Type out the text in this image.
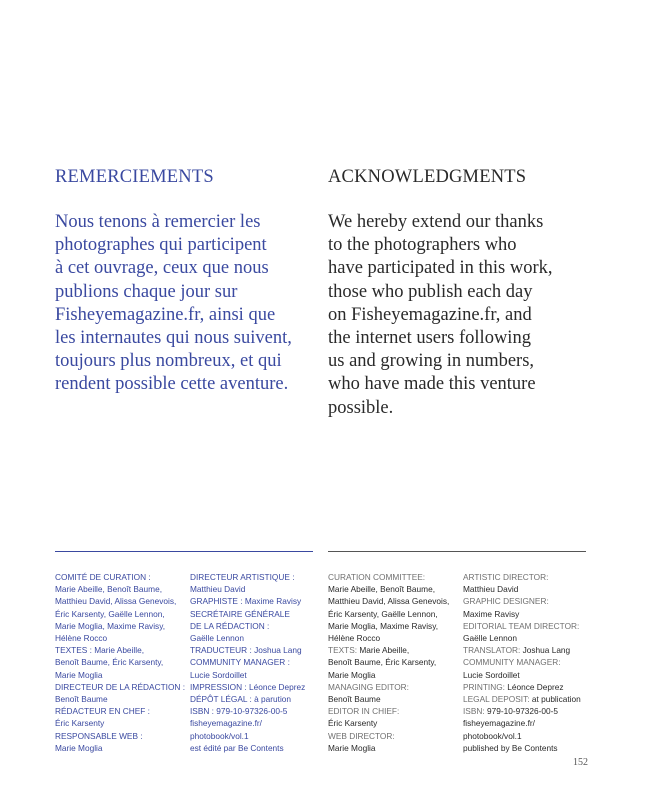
REMERCIEMENTS	ACKNOWLEDGMENTS

Nous tenons à remercier les
photographes qui participent
à cet ouvrage, ceux que nous
publions chaque jour sur
Fisheyemagazine.fr, ainsi que
les internautes qui nous suivent,
toujours plus nombreux, et qui
rendent possible cette aventure.

We hereby extend our thanks
to the photographers who
have participated in this work,
those who publish each day
on Fisheyemagazine.fr, and
the internet users following
us and growing in numbers,
who have made this venture
possible.

COMITÉ DE CURATION :
Marie Abeille, Benoît Baume,
Matthieu David, Alissa Genevois,
Éric Karsenty, Gaëlle Lennon,
Marie Moglia, Maxime Ravisy,
Hélène Rocco
TEXTES : Marie Abeille,
Benoît Baume, Éric Karsenty,
Marie Moglia
DIRECTEUR DE LA RÉDACTION :
Benoît Baume
RÉDACTEUR EN CHEF :
Éric Karsenty
RESPONSABLE WEB :
Marie Moglia
DIRECTEUR ARTISTIQUE :
Matthieu David
GRAPHISTE : Maxime Ravisy
SECRÉTAIRE GÉNÉRALE
DE LA RÉDACTION :
Gaëlle Lennon
TRADUCTEUR : Joshua Lang
COMMUNITY MANAGER :
Lucie Sordoillet
IMPRESSION : Léonce Deprez
DÉPÔT LÉGAL : à parution
ISBN : 979-10-97326-00-5
fisheyemagazine.fr/
photobook/vol.1
est édité par Be Contents
CURATION COMMITTEE:
Marie Abeille, Benoît Baume,
Matthieu David, Alissa Genevois,
Éric Karsenty, Gaëlle Lennon,
Marie Moglia, Maxime Ravisy,
Hélène Rocco
TEXTS: Marie Abeille,
Benoît Baume, Éric Karsenty,
Marie Moglia
MANAGING EDITOR:
Benoît Baume
EDITOR IN CHIEF:
Éric Karsenty
WEB DIRECTOR:
Marie Moglia
ARTISTIC DIRECTOR:
Matthieu David
GRAPHIC DESIGNER:
Maxime Ravisy
EDITORIAL TEAM DIRECTOR:
Gaëlle Lennon
TRANSLATOR: Joshua Lang
COMMUNITY MANAGER:
Lucie Sordoillet
PRINTING: Léonce Deprez
LEGAL DEPOSIT: at publication
ISBN: 979-10-97326-00-5
fisheyemagazine.fr/
photobook/vol.1
published by Be Contents
152
